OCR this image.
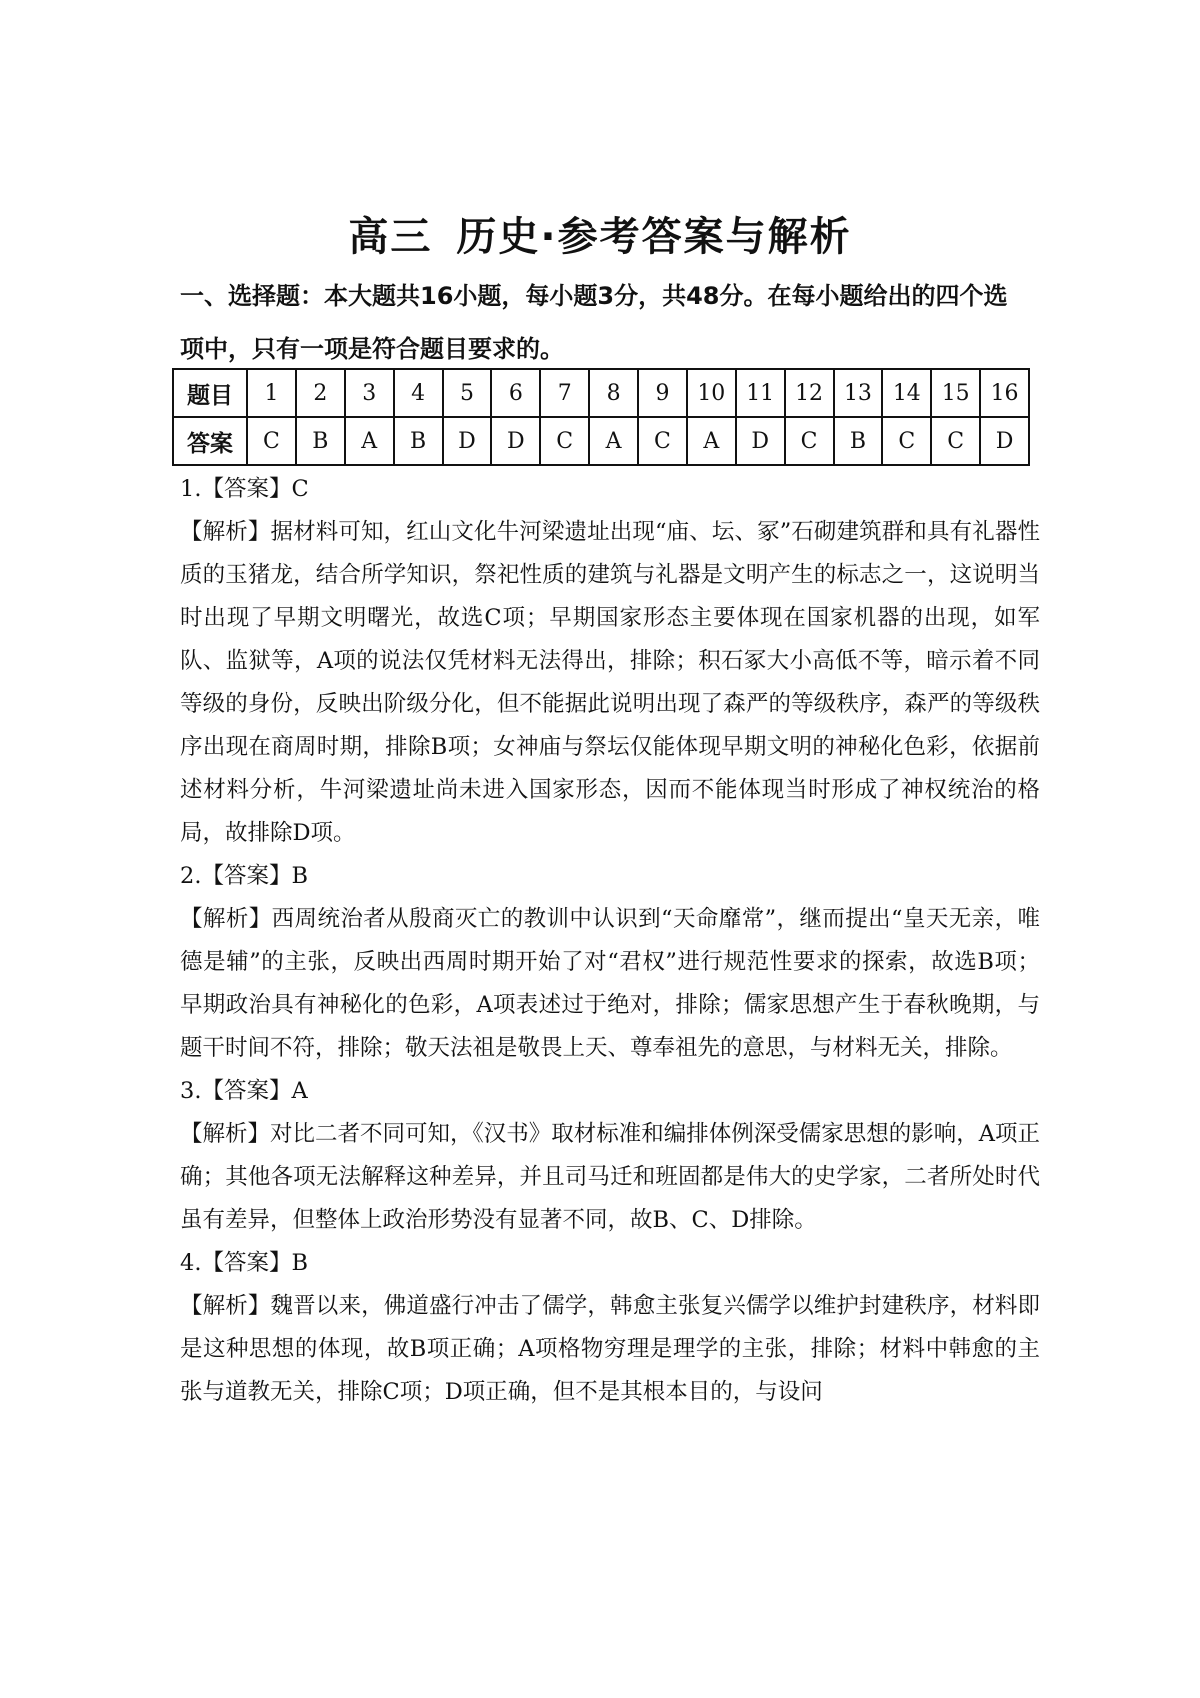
高三 历史·参考答案与解析
一、选择题：本大题共16小题，每小题3分，共48分。在每小题给出的四个选项中，只有一项是符合题目要求的。
题目	1	2	3	4	5	6	7	8	9	10	11	12	13	14	15	16
答案	C	B	A	B	D	D	C	A	C	A	D	C	B	C	C	D

1.【答案】C

【解析】据材料可知，红山文化牛河梁遗址出现“庙、坛、冢”石砌建筑群和具有礼器性质的玉猪龙，结合所学知识，祭祀性质的建筑与礼器是文明产生的标志之一，这说明当时出现了早期文明曙光，故选C项；早期国家形态主要体现在国家机器的出现，如军队、监狱等，A项的说法仅凭材料无法得出，排除；积石冢大小高低不等，暗示着不同等级的身份，反映出阶级分化，但不能据此说明出现了森严的等级秩序，森严的等级秩序出现在商周时期，排除B项；女神庙与祭坛仅能体现早期文明的神秘化色彩，依据前述材料分析，牛河梁遗址尚未进入国家形态，因而不能体现当时形成了神权统治的格局，故排除D项。

2.【答案】B

【解析】西周统治者从殷商灭亡的教训中认识到“天命靡常”，继而提出“皇天无亲，唯德是辅”的主张，反映出西周时期开始了对“君权”进行规范性要求的探索，故选B项；早期政治具有神秘化的色彩，A项表述过于绝对，排除；儒家思想产生于春秋晚期，与题干时间不符，排除；敬天法祖是敬畏上天、尊奉祖先的意思，与材料无关，排除。

3.【答案】A

【解析】对比二者不同可知，《汉书》取材标准和编排体例深受儒家思想的影响，A项正确；其他各项无法解释这种差异，并且司马迁和班固都是伟大的史学家，二者所处时代虽有差异，但整体上政治形势没有显著不同，故B、C、D排除。

4.【答案】B

【解析】魏晋以来，佛道盛行冲击了儒学，韩愈主张复兴儒学以维护封建秩序，材料即是这种思想的体现，故B项正确；A项格物穷理是理学的主张，排除；材料中韩愈的主张与道教无关，排除C项；D项正确，但不是其根本目的，与设问
